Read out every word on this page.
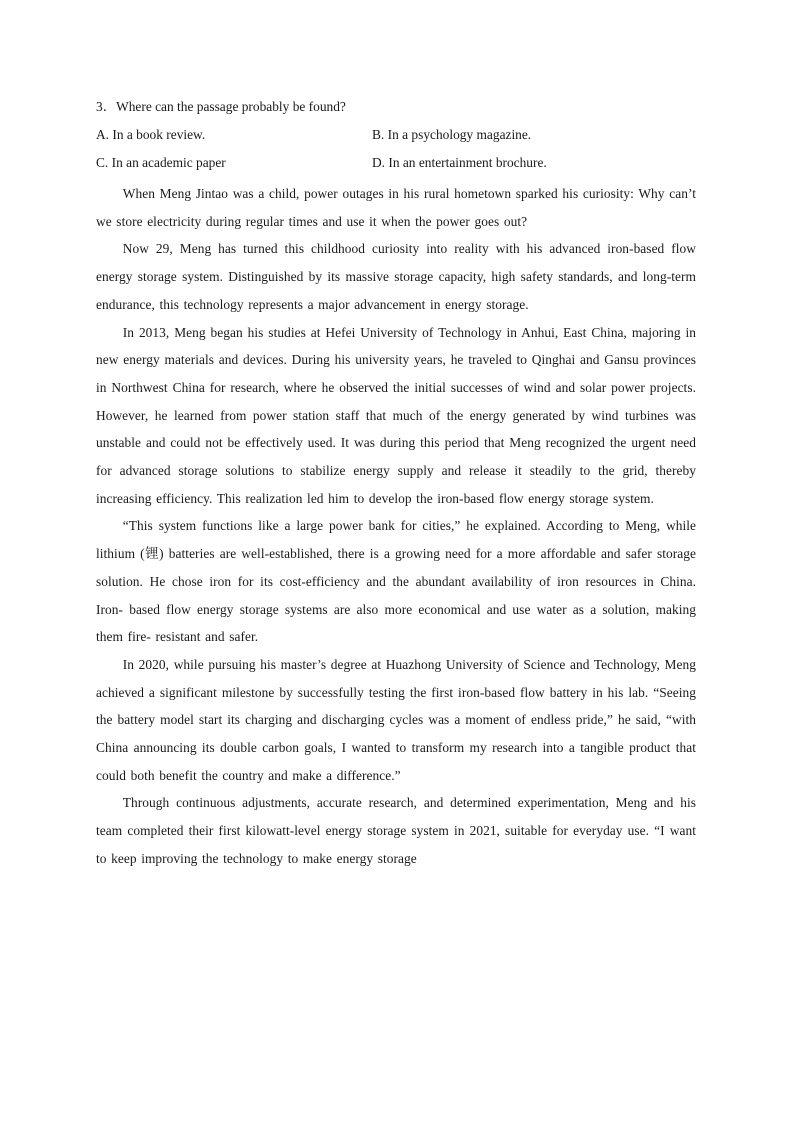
3．Where can the passage probably be found?
A. In a book review.	B. In a psychology magazine.
C. In an academic paper	D. In an entertainment brochure.

When Meng Jintao was a child, power outages in his rural hometown sparked his curiosity: Why can’t we store electricity during regular times and use it when the power goes out?

Now 29, Meng has turned this childhood curiosity into reality with his advanced iron-based flow energy storage system. Distinguished by its massive storage capacity, high safety standards, and long-term endurance, this technology represents a major advancement in energy storage.

In 2013, Meng began his studies at Hefei University of Technology in Anhui, East China, majoring in new energy materials and devices. During his university years, he traveled to Qinghai and Gansu provinces in Northwest China for research, where he observed the initial successes of wind and solar power projects. However, he learned from power station staff that much of the energy generated by wind turbines was unstable and could not be effectively used. It was during this period that Meng recognized the urgent need for advanced storage solutions to stabilize energy supply and release it steadily to the grid, thereby increasing efficiency. This realization led him to develop the iron-based flow energy storage system.

“This system functions like a large power bank for cities,” he explained. According to Meng, while lithium (锂) batteries are well-established, there is a growing need for a more affordable and safer storage solution. He chose iron for its cost-efficiency and the abundant availability of iron resources in China. Iron- based flow energy storage systems are also more economical and use water as a solution, making them fire- resistant and safer.

In 2020, while pursuing his master’s degree at Huazhong University of Science and Technology, Meng achieved a significant milestone by successfully testing the first iron-based flow battery in his lab. “Seeing the battery model start its charging and discharging cycles was a moment of endless pride,” he said, “with China announcing its double carbon goals, I wanted to transform my research into a tangible product that could both benefit the country and make a difference.”

Through continuous adjustments, accurate research, and determined experimentation, Meng and his team completed their first kilowatt-level energy storage system in 2021, suitable for everyday use. “I want to keep improving the technology to make energy storage
